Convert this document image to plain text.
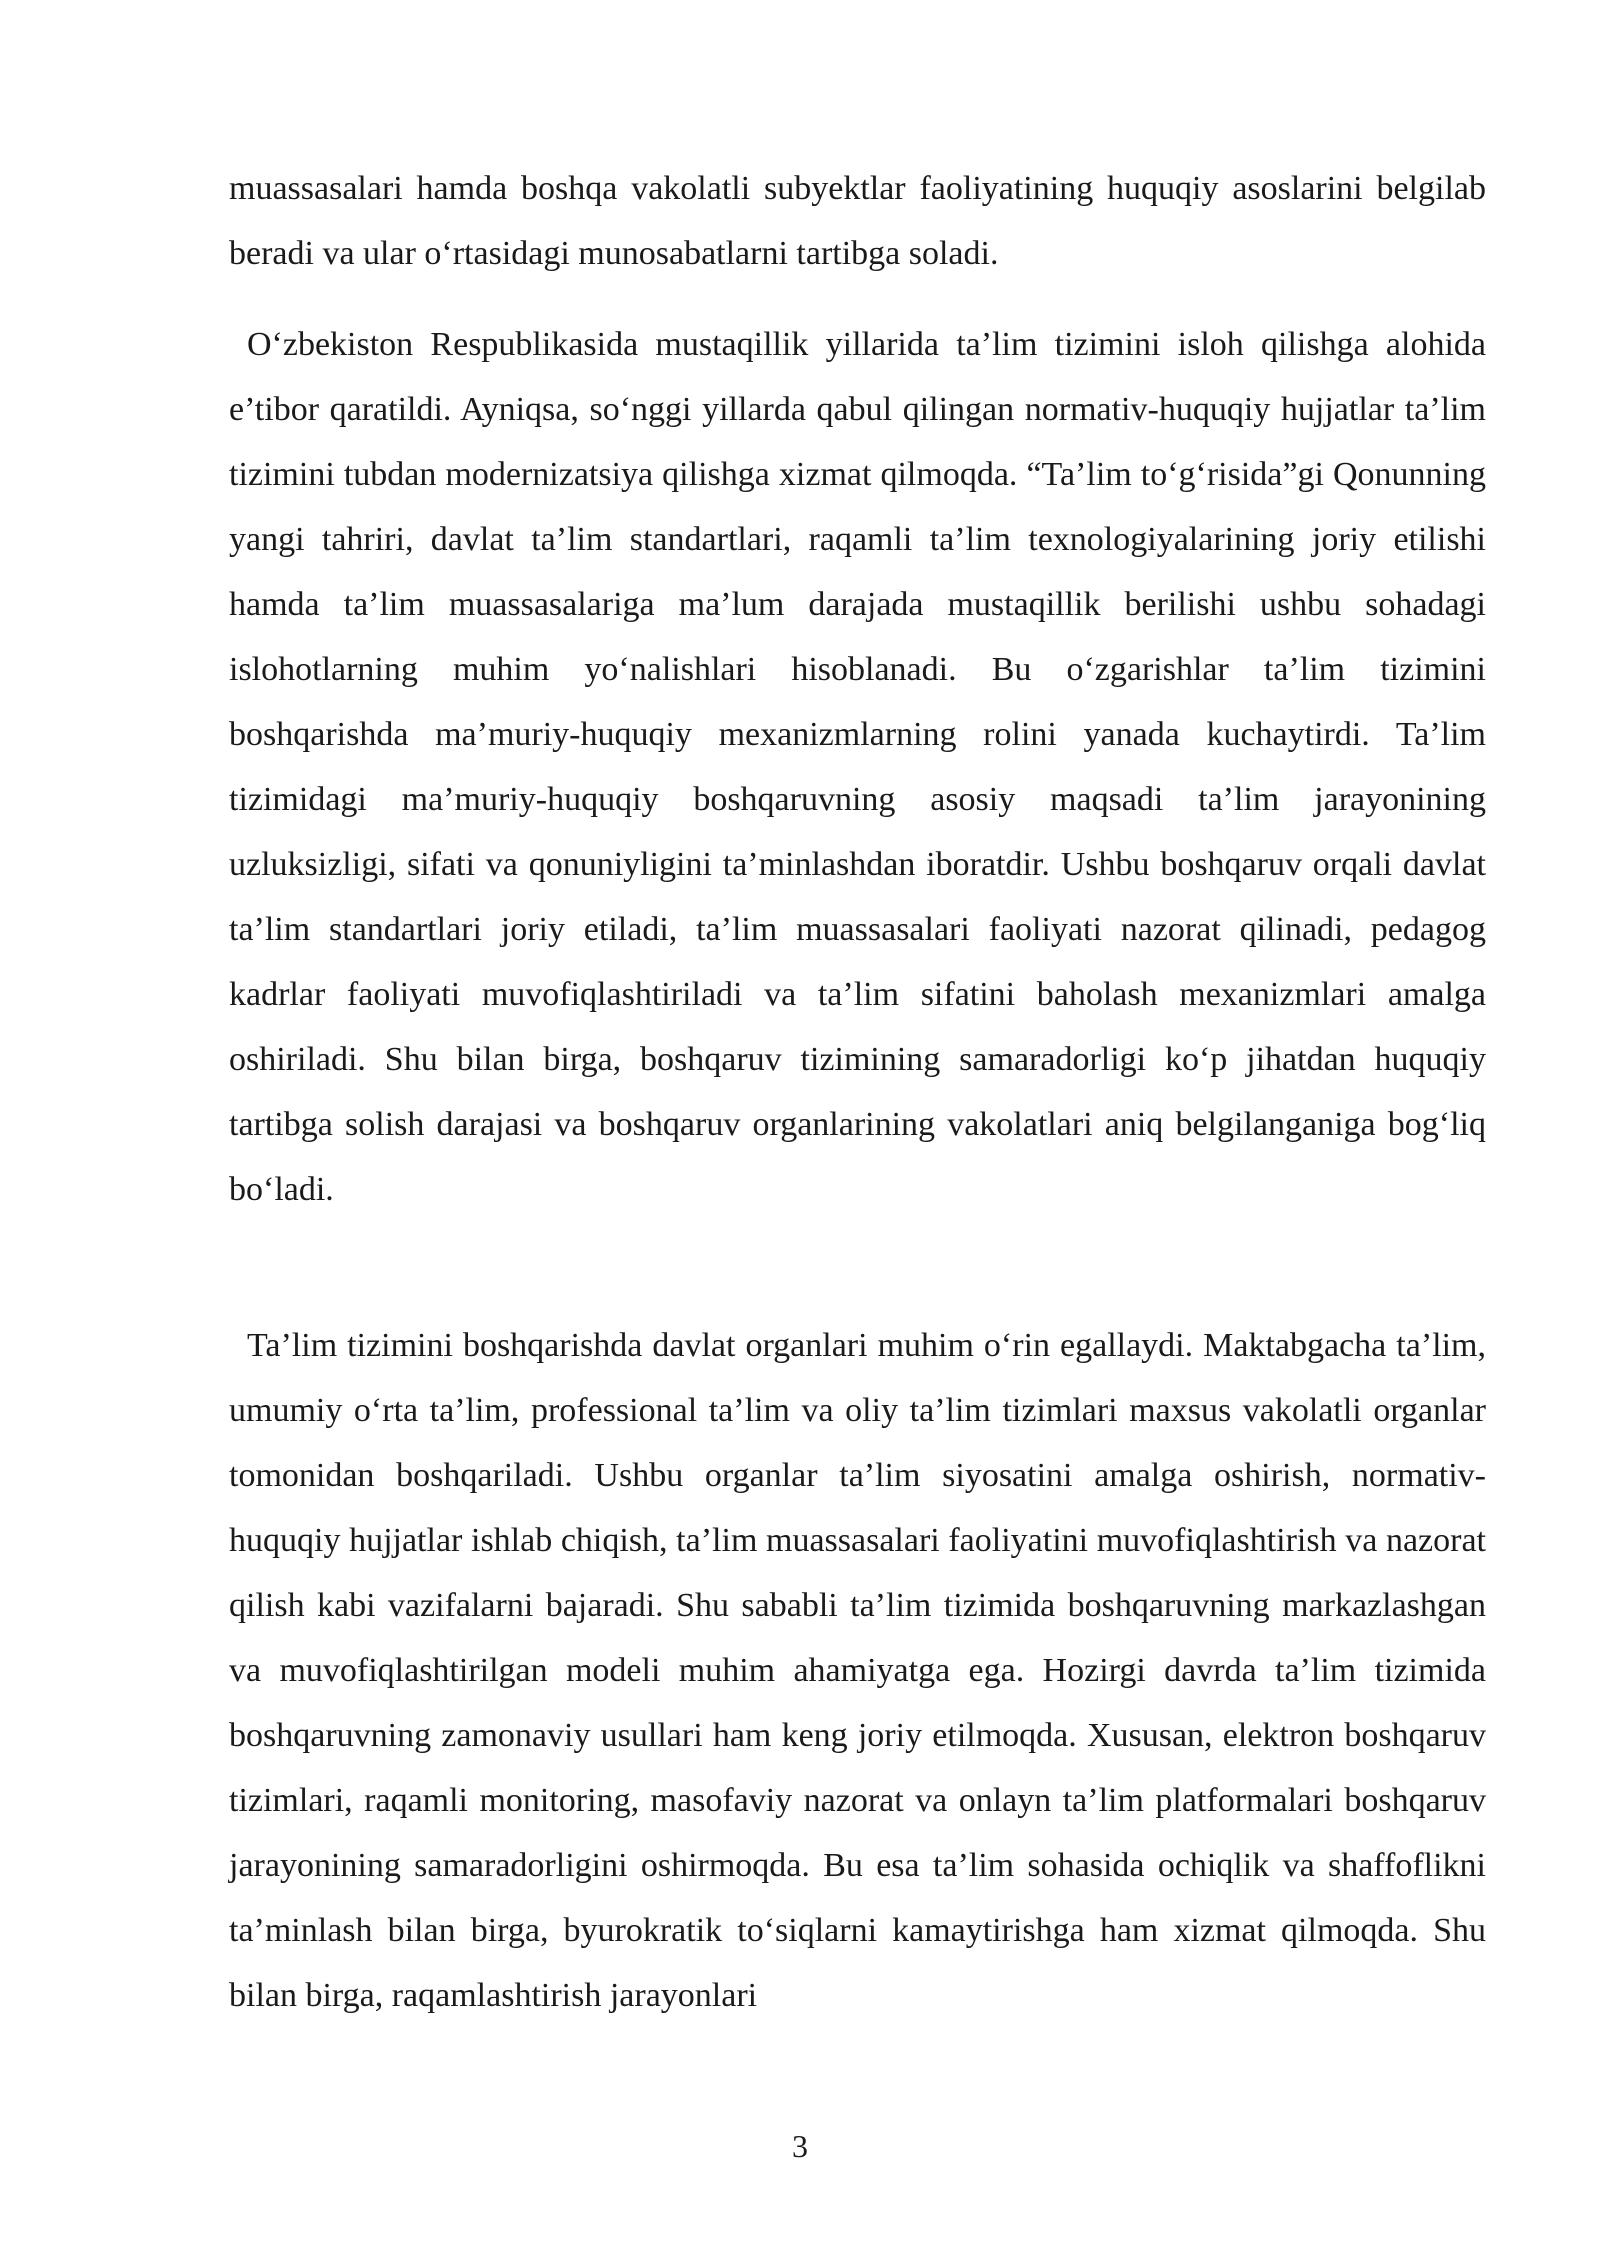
muassasalari hamda boshqa vakolatli subyektlar faoliyatining huquqiy asoslarini belgilab beradi va ular o‘rtasidagi munosabatlarni tartibga soladi.

O‘zbekiston Respublikasida mustaqillik yillarida ta’lim tizimini isloh qilishga alohida e’tibor qaratildi. Ayniqsa, so‘nggi yillarda qabul qilingan normativ-huquqiy hujjatlar ta’lim tizimini tubdan modernizatsiya qilishga xizmat qilmoqda. “Ta’lim to‘g‘risida”gi Qonunning yangi tahriri, davlat ta’lim standartlari, raqamli ta’lim texnologiyalarining joriy etilishi hamda ta’lim muassasalariga ma’lum darajada mustaqillik berilishi ushbu sohadagi islohotlarning muhim yo‘nalishlari hisoblanadi. Bu o‘zgarishlar ta’lim tizimini boshqarishda ma’muriy-huquqiy mexanizmlarning rolini yanada kuchaytirdi. Ta’lim tizimidagi ma’muriy-huquqiy boshqaruvning asosiy maqsadi ta’lim jarayonining uzluksizligi, sifati va qonuniyligini ta’minlashdan iboratdir. Ushbu boshqaruv orqali davlat ta’lim standartlari joriy etiladi, ta’lim muassasalari faoliyati nazorat qilinadi, pedagog kadrlar faoliyati muvofiqlashtiriladi va ta’lim sifatini baholash mexanizmlari amalga oshiriladi. Shu bilan birga, boshqaruv tizimining samaradorligi ko‘p jihatdan huquqiy tartibga solish darajasi va boshqaruv organlarining vakolatlari aniq belgilanganiga bog‘liq bo‘ladi.

Ta’lim tizimini boshqarishda davlat organlari muhim o‘rin egallaydi. Maktabgacha ta’lim, umumiy o‘rta ta’lim, professional ta’lim va oliy ta’lim tizimlari maxsus vakolatli organlar tomonidan boshqariladi. Ushbu organlar ta’lim siyosatini amalga oshirish, normativ-huquqiy hujjatlar ishlab chiqish, ta’lim muassasalari faoliyatini muvofiqlashtirish va nazorat qilish kabi vazifalarni bajaradi. Shu sababli ta’lim tizimida boshqaruvning markazlashgan va muvofiqlashtirilgan modeli muhim ahamiyatga ega. Hozirgi davrda ta’lim tizimida boshqaruvning zamonaviy usullari ham keng joriy etilmoqda. Xususan, elektron boshqaruv tizimlari, raqamli monitoring, masofaviy nazorat va onlayn ta’lim platformalari boshqaruv jarayonining samaradorligini oshirmoqda. Bu esa ta’lim sohasida ochiqlik va shaffoflikni ta’minlash bilan birga, byurokratik to‘siqlarni kamaytirishga ham xizmat qilmoqda. Shu bilan birga, raqamlashtirish jarayonlari

3
